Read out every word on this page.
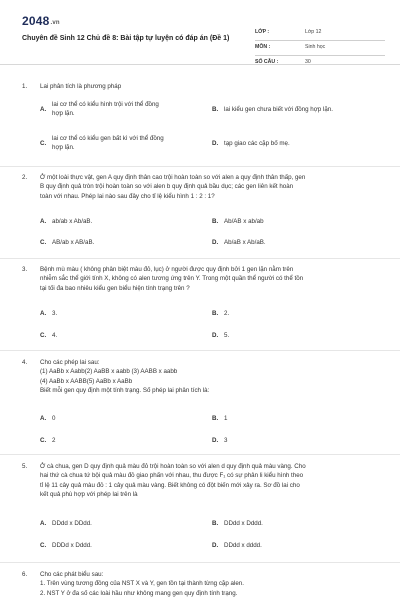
2048.vn
Chuyên đề Sinh 12 Chủ đề 8: Bài tập tự luyện có đáp án (Đề 1)
LỚP :	Lớp 12
MÔN :	Sinh học
SỐ CÂU :	30
1. Lai phân tích là phương pháp
A.
lai cơ thể có kiểu hình trội với thể đồng
hợp lặn.
B. lai kiểu gen chưa biết với đồng hợp lặn.
C.
lai cơ thể có kiểu gen bất kì với thể đồng
hợp lặn.
D. tạp giao các cặp bố mẹ.
2. Ở một loài thực vật, gen A quy định thân cao trội hoàn toàn so với alen a quy định thân thấp, gen
B quy định quả tròn trội hoàn toàn so với alen b quy định quả bầu dục; các gen liên kết hoàn
toàn với nhau. Phép lai nào sau đây cho tỉ lệ kiểu hình 1 : 2 : 1?
A. ab/ab x Ab/aB.	B. Ab/AB x ab/ab
C. AB/ab x AB/aB.	D. Ab/aB x Ab/aB.
3. Bệnh mù màu ( không phân biệt màu đỏ, lục) ở người được quy định bởi 1 gen lặn nằm trên
nhiễm sắc thể giới tính X, không có alen tương ứng trên Y. Trong một quần thể người có thể tồn
tại tối đa bao nhiêu kiểu gen biểu hiện tính trạng trên ?
A. 3.	B. 2.
C. 4.	D. 5.
4. Cho các phép lai sau:
(1) AaBb x Aabb(2) AaBB x aabb (3) AABB x aabb
(4) AaBb x AABB(5) AaBb x AaBb
Biết mỗi gen quy định một tính trạng. Số phép lai phân tích là:
A. 0	B. 1
C. 2	D. 3
5. Ở cà chua, gen D quy định quả màu đỏ trội hoàn toàn so với alen d quy định quả màu vàng. Cho
hai thứ cà chua tứ bội quả màu đỏ giao phấn với nhau, thu được F₁ có sự phân li kiểu hình theo
tỉ lệ 11 cây quả màu đỏ : 1 cây quả màu vàng. Biết không có đột biến mới xảy ra. Sơ đồ lai cho
kết quả phù hợp với phép lai trên là
A. DDdd x DDdd.	B. DDdd x Dddd.
C. DDDd x Dddd.	D. DDdd x dddd.
6. Cho các phát biểu sau:
1. Trên vùng tương đồng của NST X và Y, gen tồn tại thành từng cặp alen.
2. NST Y ở đa số các loài hầu như không mang gen quy định tính trạng.
